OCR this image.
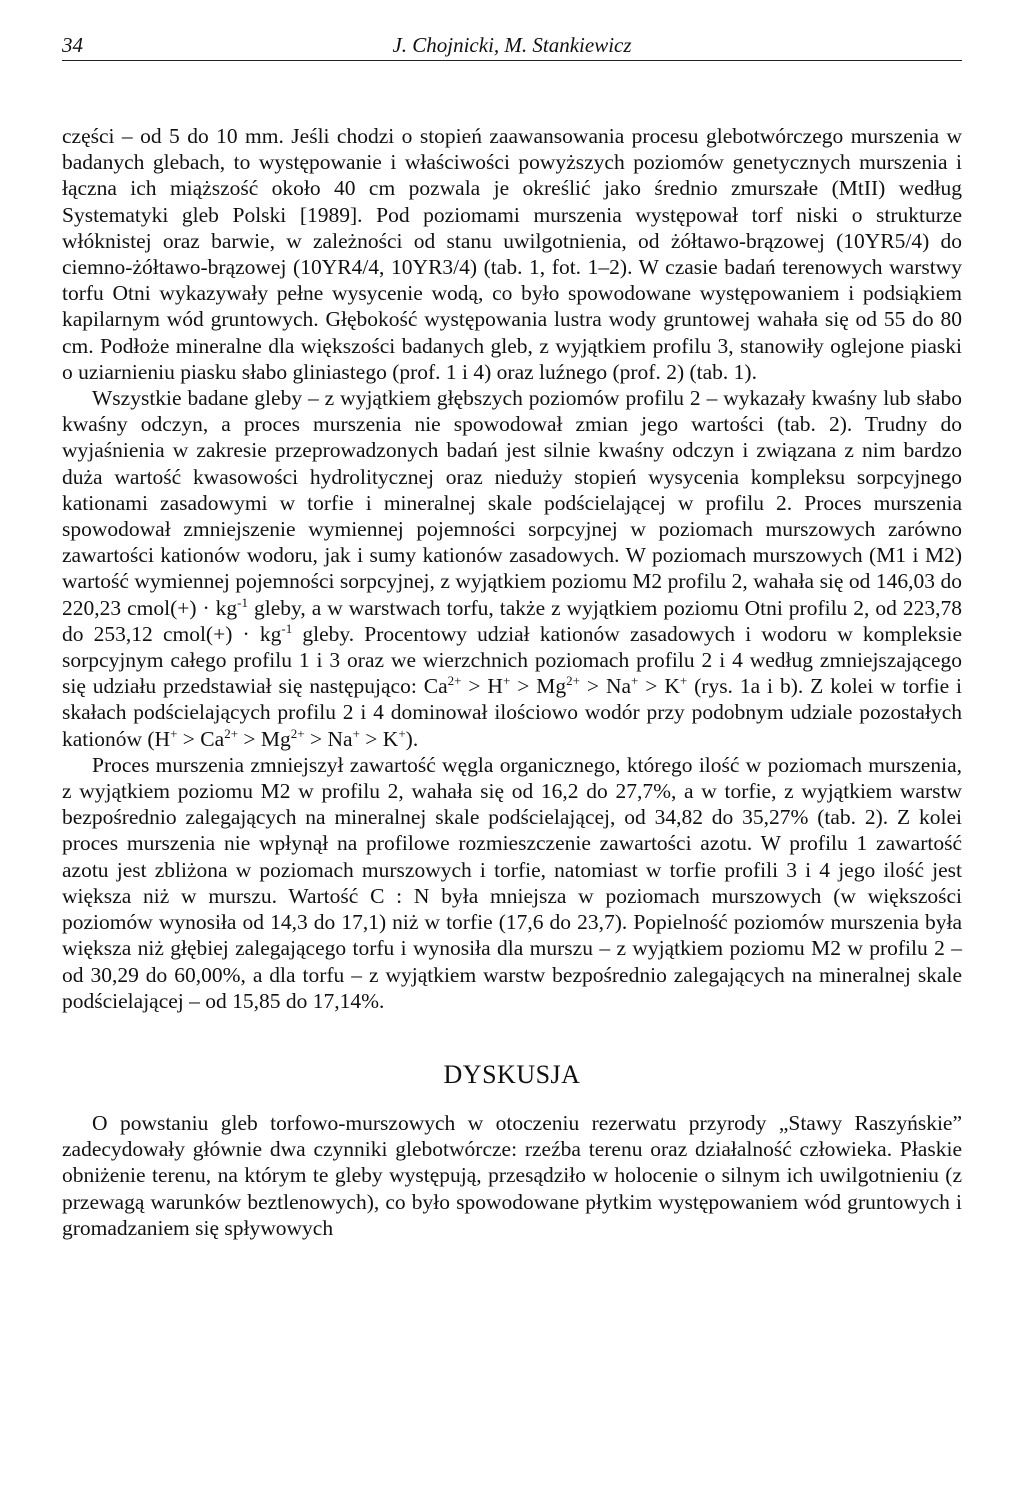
34	J. Chojnicki, M. Stankiewicz

części – od 5 do 10 mm. Jeśli chodzi o stopień zaawansowania procesu glebotwórczego murszenia w badanych glebach, to występowanie i właściwości powyższych poziomów genetycznych murszenia i łączna ich miąższość około 40 cm pozwala je określić jako średnio zmurszałe (MtII) według Systematyki gleb Polski [1989]. Pod poziomami murszenia występował torf niski o strukturze włóknistej oraz barwie, w zależności od stanu uwilgotnienia, od żółtawo-brązowej (10YR5/4) do ciemno-żółtawo-brązowej (10YR4/4, 10YR3/4) (tab. 1, fot. 1–2). W czasie badań terenowych warstwy torfu Otni wykazywały pełne wysycenie wodą, co było spowodowane występowaniem i podsiąkiem kapilarnym wód gruntowych. Głębokość występowania lustra wody gruntowej wahała się od 55 do 80 cm. Podłoże mineralne dla większości badanych gleb, z wyjątkiem profilu 3, stanowiły oglejone piaski o uziarnieniu piasku słabo gliniastego (prof. 1 i 4) oraz luźnego (prof. 2) (tab. 1).

Wszystkie badane gleby – z wyjątkiem głębszych poziomów profilu 2 – wykazały kwaśny lub słabo kwaśny odczyn, a proces murszenia nie spowodował zmian jego wartości (tab. 2). Trudny do wyjaśnienia w zakresie przeprowadzonych badań jest silnie kwaśny odczyn i związana z nim bardzo duża wartość kwasowości hydrolitycznej oraz nieduży stopień wysycenia kompleksu sorpcyjnego kationami zasadowymi w torfie i mineralnej skale podścielającej w profilu 2. Proces murszenia spowodował zmniejszenie wymiennej pojemności sorpcyjnej w poziomach murszowych zarówno zawartości kationów wodoru, jak i sumy kationów zasadowych. W poziomach murszowych (M1 i M2) wartość wymiennej pojemności sorpcyjnej, z wyjątkiem poziomu M2 profilu 2, wahała się od 146,03 do 220,23 cmol(+) · $kg^{-1}$ gleby, a w warstwach torfu, także z wyjątkiem poziomu Otni profilu 2, od 223,78 do 253,12 cmol(+) · $kg^{-1}$ gleby. Procentowy udział kationów zasadowych i wodoru w kompleksie sorpcyjnym całego profilu 1 i 3 oraz we wierzchnich poziomach profilu 2 i 4 według zmniejszającego się udziału przedstawiał się następująco: $Ca^{2+} > H^+ > Mg^{2+} > Na^+ > K^+$ (rys. 1a i b). Z kolei w torfie i skałach podścielających profilu 2 i 4 dominował ilościowo wodór przy podobnym udziale pozostałych kationów $(H^+ > Ca^{2+} > Mg^{2+} > Na^+ > K^+)$.

Proces murszenia zmniejszył zawartość węgla organicznego, którego ilość w poziomach murszenia, z wyjątkiem poziomu M2 w profilu 2, wahała się od 16,2 do 27,7%, a w torfie, z wyjątkiem warstw bezpośrednio zalegających na mineralnej skale podścielającej, od 34,82 do 35,27% (tab. 2). Z kolei proces murszenia nie wpłynął na profilowe rozmieszczenie zawartości azotu. W profilu 1 zawartość azotu jest zbliżona w poziomach murszowych i torfie, natomiast w torfie profili 3 i 4 jego ilość jest większa niż w murszu. Wartość C : N była mniejsza w poziomach murszowych (w większości poziomów wynosiła od 14,3 do 17,1) niż w torfie (17,6 do 23,7). Popielność poziomów murszenia była większa niż głębiej zalegającego torfu i wynosiła dla murszu – z wyjątkiem poziomu M2 w profilu 2 – od 30,29 do 60,00%, a dla torfu – z wyjątkiem warstw bezpośrednio zalegających na mineralnej skale podścielającej – od 15,85 do 17,14%.

DYSKUSJA

O powstaniu gleb torfowo-murszowych w otoczeniu rezerwatu przyrody „Stawy Raszyńskie” zadecydowały głównie dwa czynniki glebotwórcze: rzeźba terenu oraz działalność człowieka. Płaskie obniżenie terenu, na którym te gleby występują, przesądziło w holocenie o silnym ich uwilgotnieniu (z przewagą warunków beztlenowych), co było spowodowane płytkim występowaniem wód gruntowych i gromadzaniem się spływowych
